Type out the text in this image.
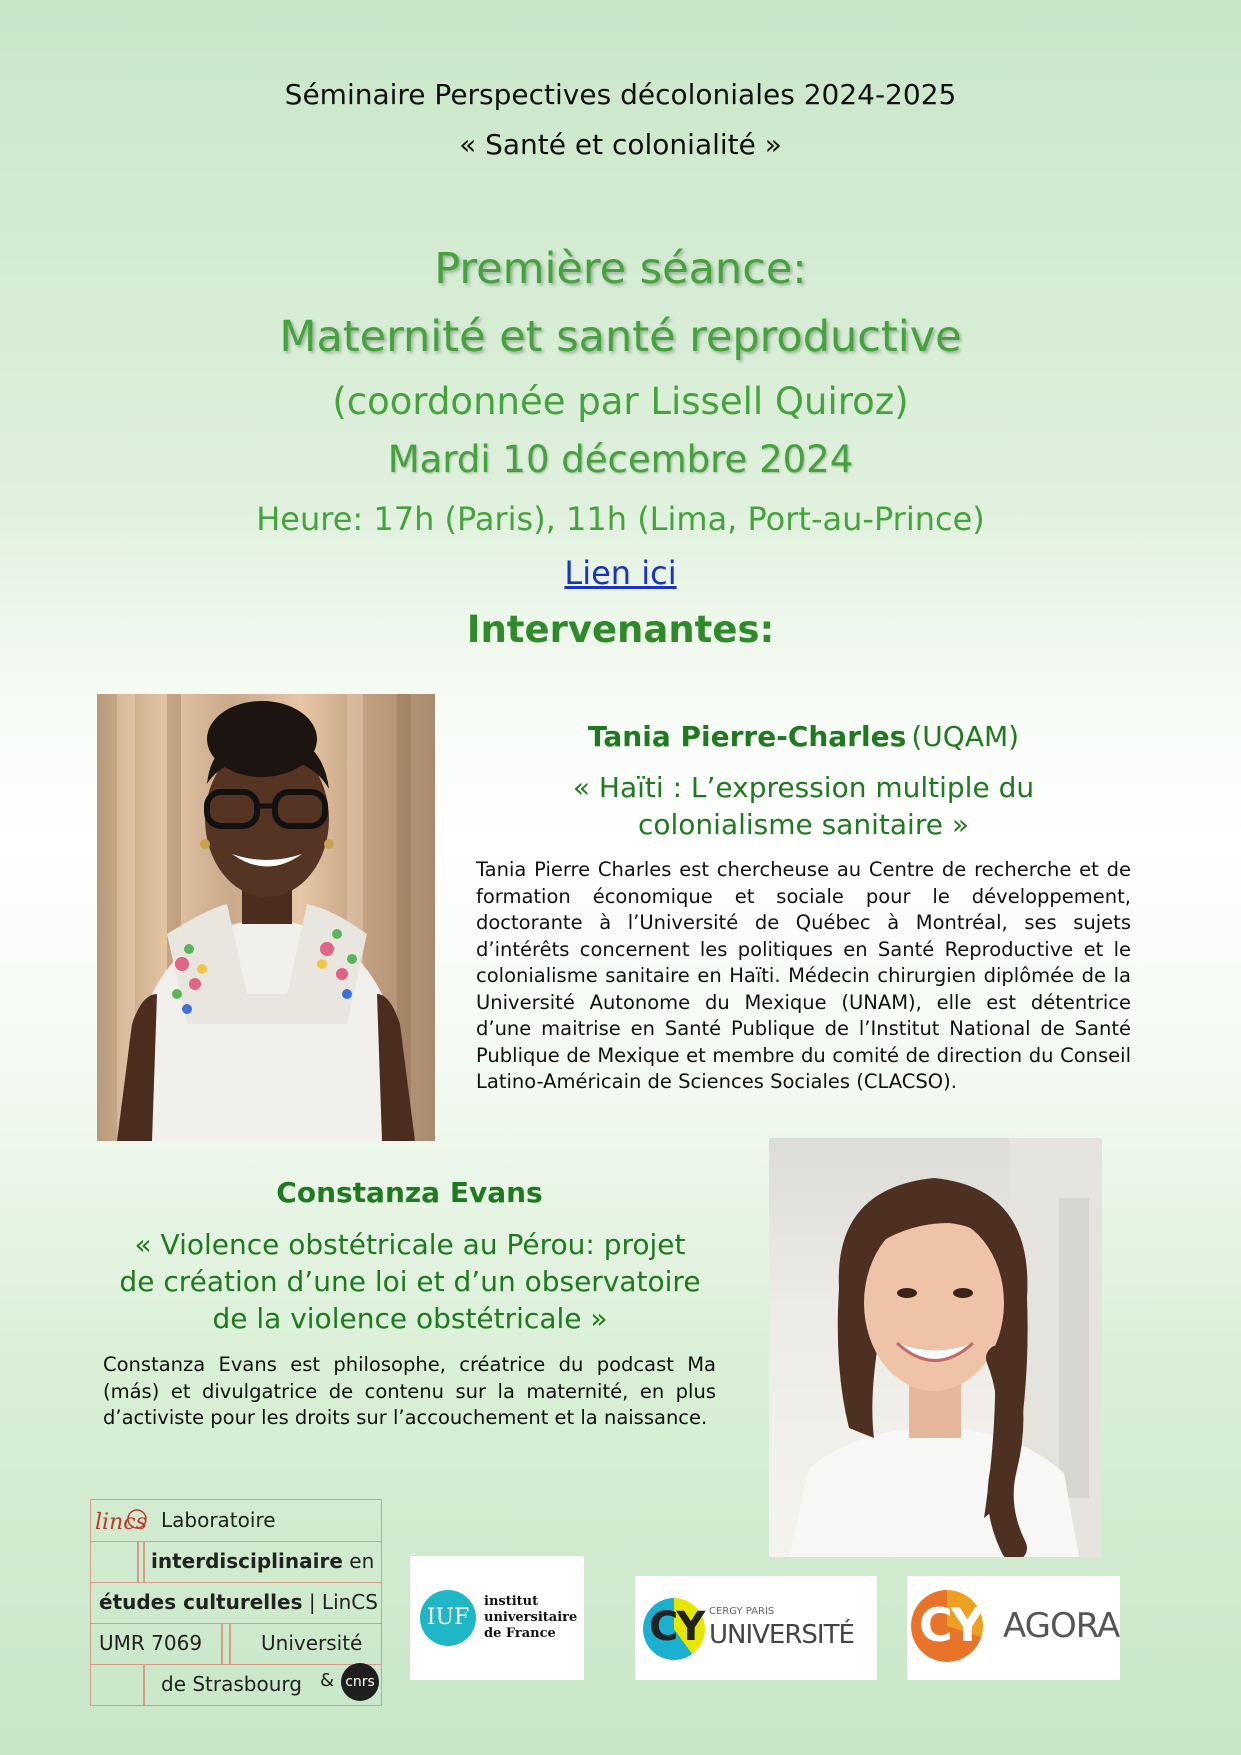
Séminaire Perspectives décoloniales 2024-2025
« Santé et colonialité »
Première séance:
Maternité et santé reproductive
(coordonnée par Lissell Quiroz)
Mardi 10 décembre 2024
Heure: 17h (Paris), 11h (Lima, Port-au-Prince)
Lien ici
Intervenantes:
Tania Pierre-Charles (UQAM)
« Haïti : L’expression multiple du
colonialisme sanitaire »
Tania Pierre Charles est chercheuse au Centre de recherche et de formation économique et sociale pour le développement, doctorante à l’Université de Québec à Montréal, ses sujets d’intérêts concernent les politiques en Santé Reproductive et le colonialisme sanitaire en Haïti. Médecin chirurgien diplômée de la Université Autonome du Mexique (UNAM), elle est détentrice d’une maitrise en Santé Publique de l’Institut National de Santé Publique de Mexique et membre du comité de direction du Conseil Latino-Américain de Sciences Sociales (CLACSO).
Constanza Evans
« Violence obstétricale au Pérou: projet
de création d’une loi et d’un observatoire
de la violence obstétricale »
Constanza Evans est philosophe, créatrice du podcast Ma (más) et divulgatrice de contenu sur la maternité, en plus d’activiste pour les droits sur l’accouchement et la naissance.
lincs Laboratoire
interdisciplinaire en
études culturelles | LinCS
UMR 7069	Université
de Strasbourg & cnrs
IUF
institut
universitaire
de France	CY CERGY PARIS
UNIVERSITÉ CY AGORA
